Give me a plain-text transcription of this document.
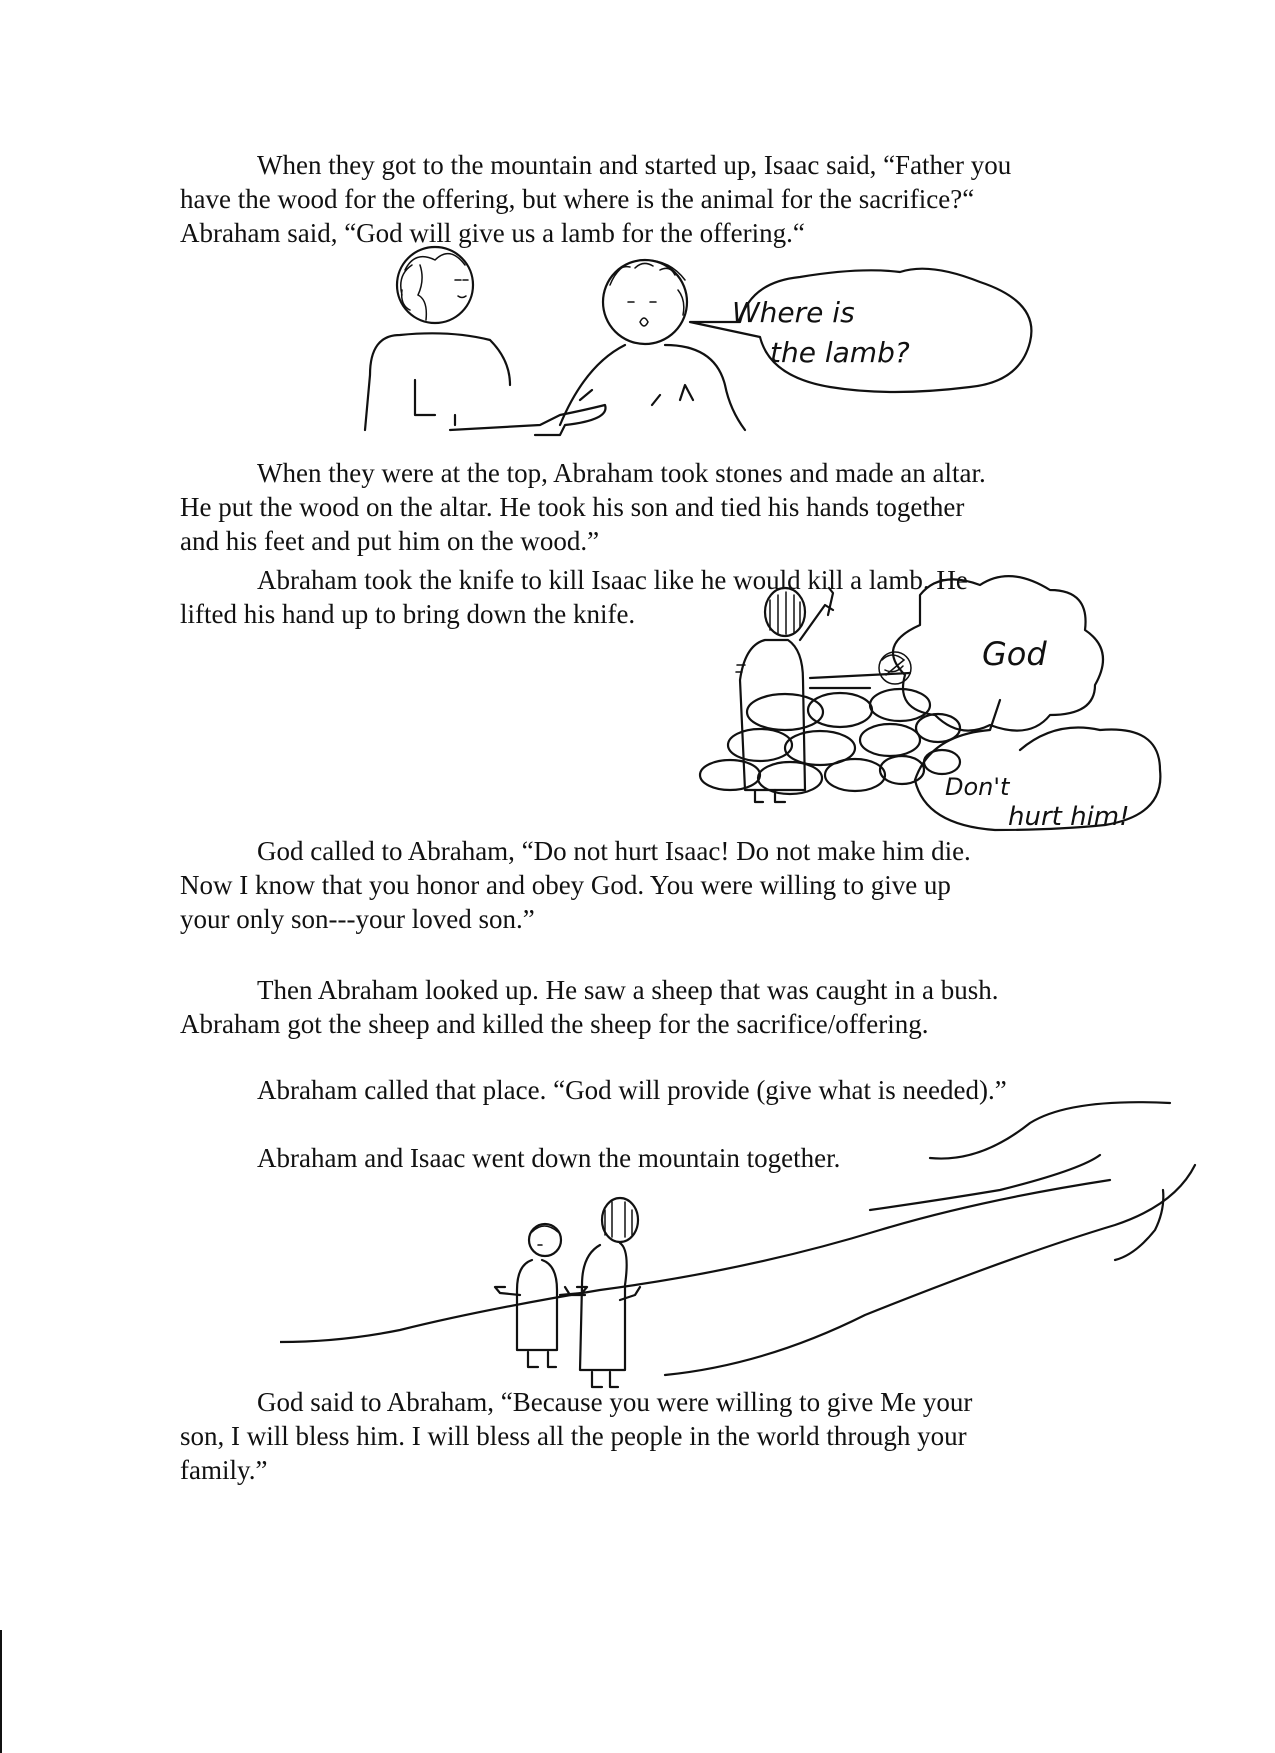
When they got to the mountain and started up, Isaac said, “Father you
have the wood for the offering, but where is the animal for the sacrifice?“
Abraham said, “God will give us a lamb for the offering.“

Where is
the lamb?

When they were at the top, Abraham took stones and made an altar.
He put the wood on the altar. He took his son and tied his hands together
and his feet and put him on the wood.”

Abraham took the knife to kill Isaac like he would kill a lamb. He
lifted his hand up to bring down the knife.

God
Don't
hurt him!

God called to Abraham, “Do not hurt Isaac! Do not make him die.
Now I know that you honor and obey God. You were willing to give up
your only son---your loved son.”

Then Abraham looked up. He saw a sheep that was caught in a bush.
Abraham got the sheep and killed the sheep for the sacrifice/offering.

Abraham called that place. “God will provide (give what is needed).”

Abraham and Isaac went down the mountain together.

God said to Abraham, “Because you were willing to give Me your
son, I will bless him. I will bless all the people in the world through your
family.”
